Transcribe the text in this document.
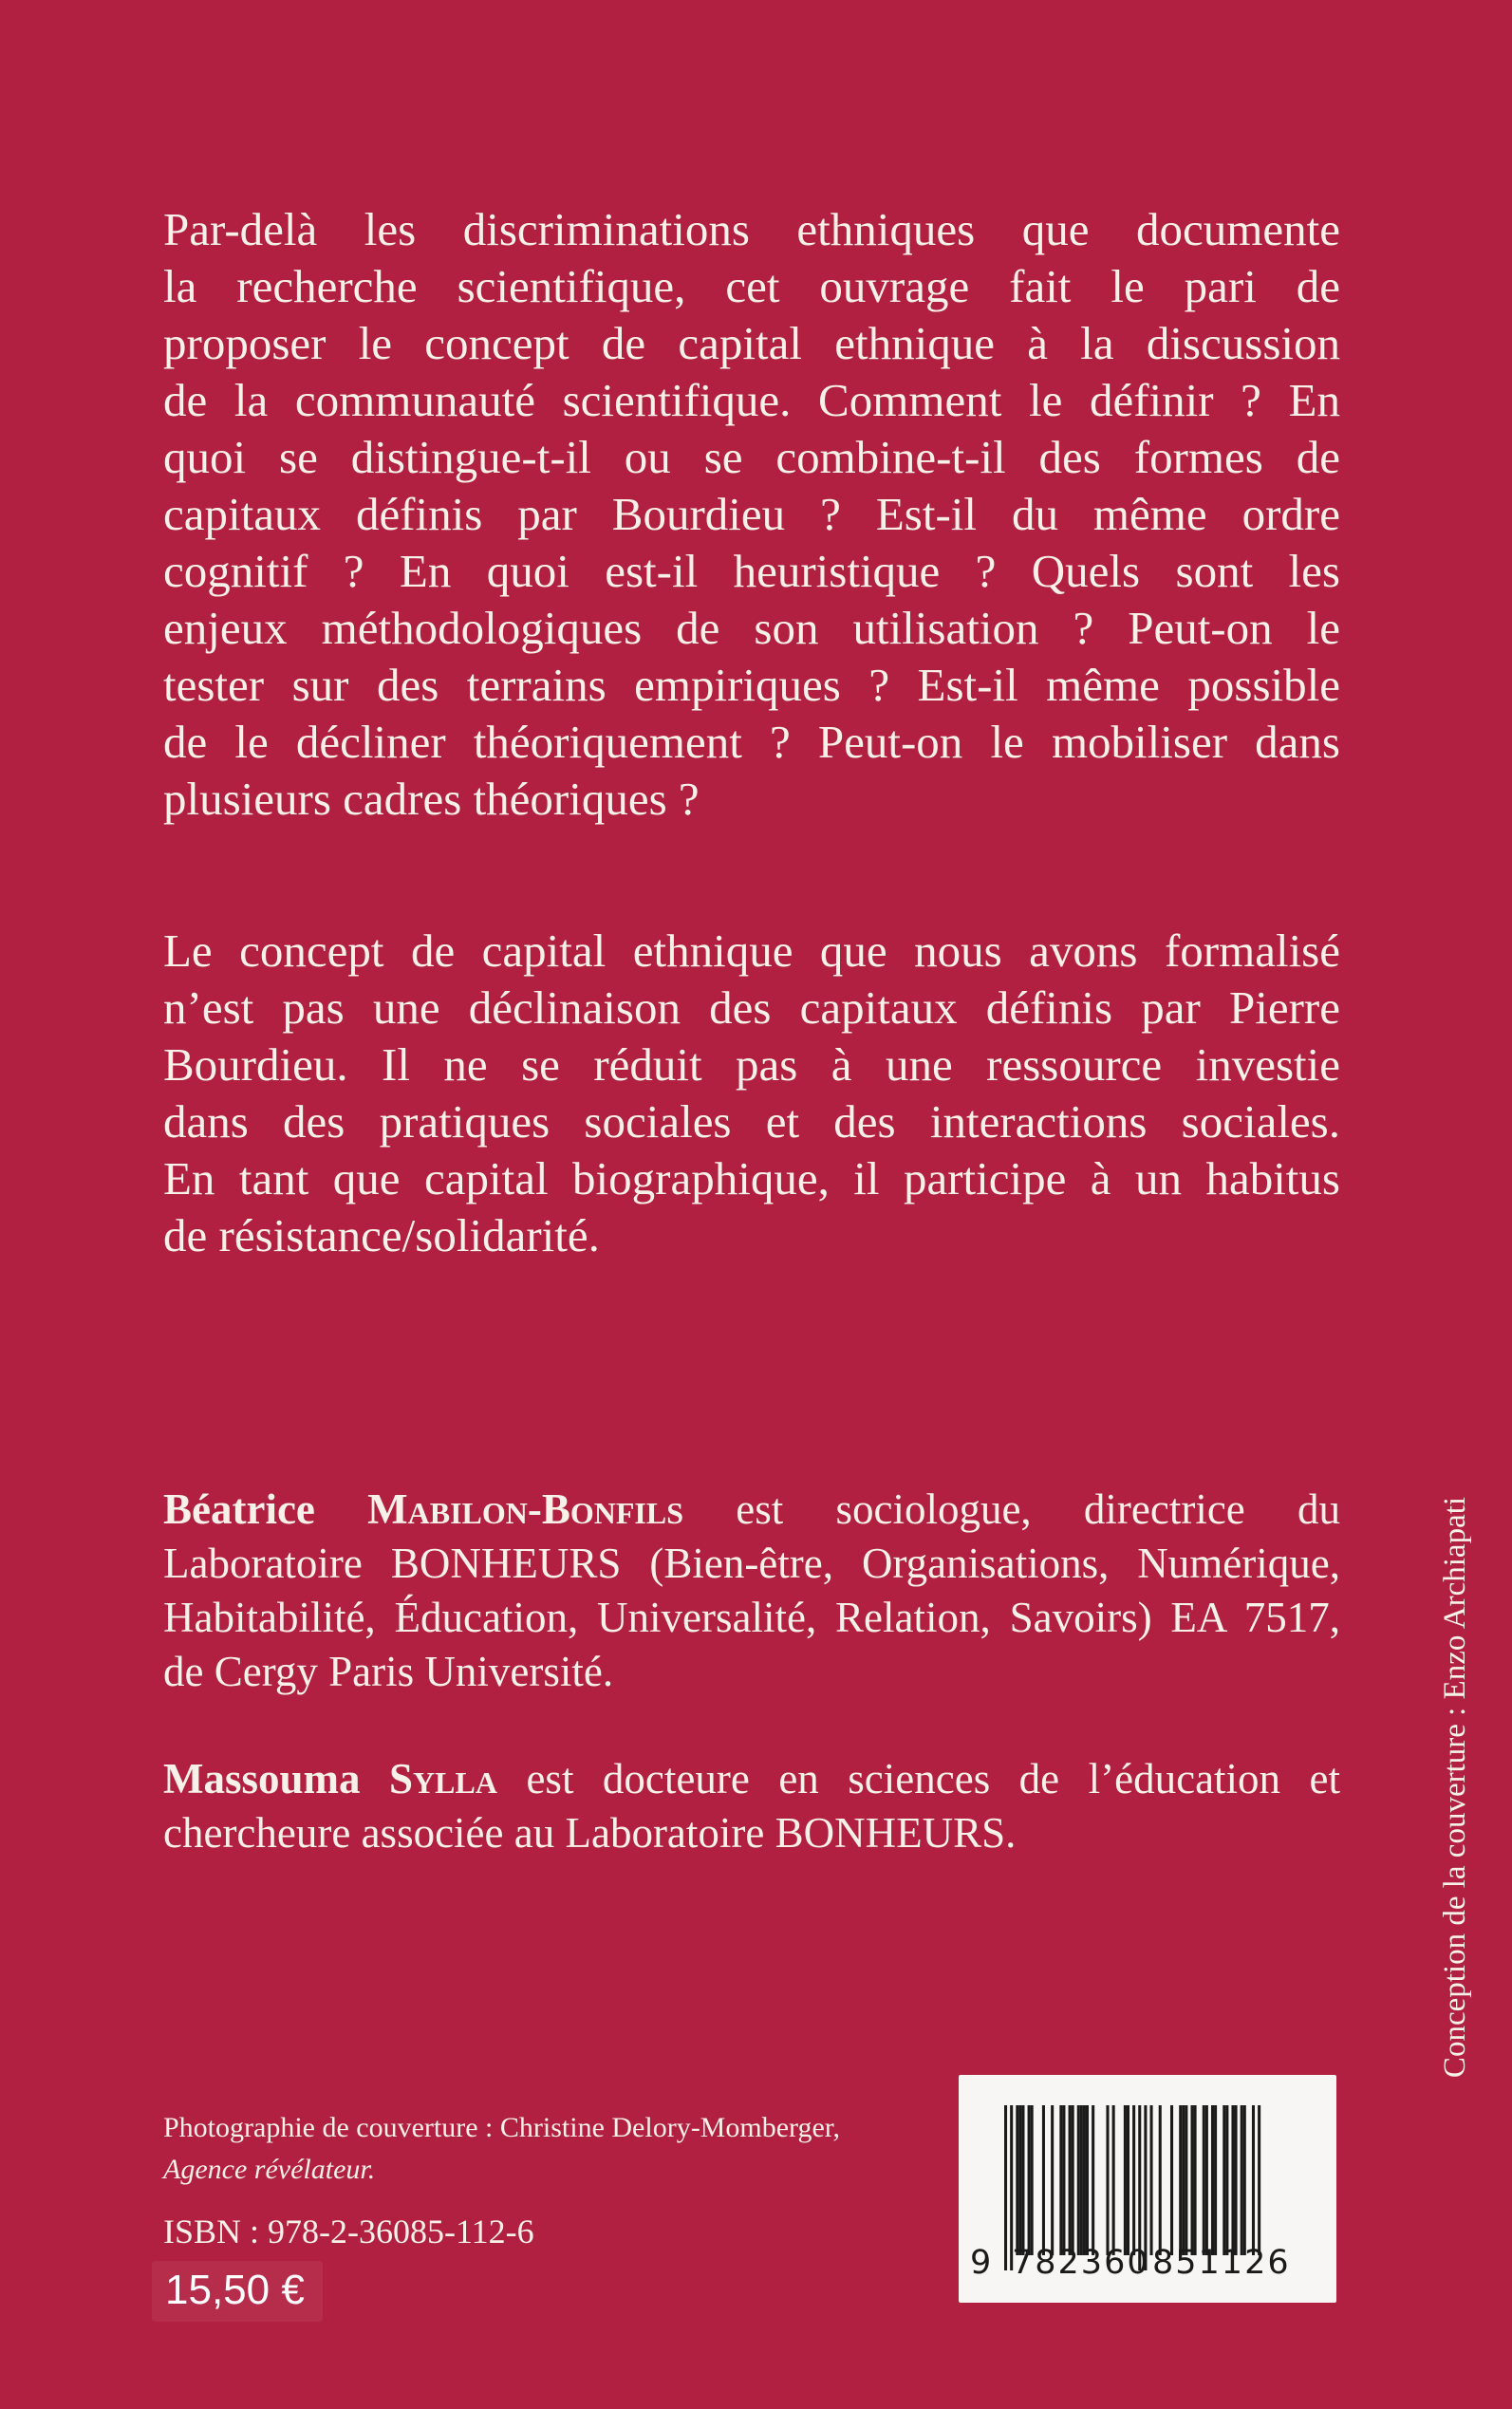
Par-delà les discriminations ethniques que documente
la recherche scientifique, cet ouvrage fait le pari de
proposer le concept de capital ethnique à la discussion
de la communauté scientifique. Comment le définir ? En
quoi se distingue-t-il ou se combine-t-il des formes de
capitaux définis par Bourdieu ? Est-il du même ordre
cognitif ? En quoi est-il heuristique ? Quels sont les
enjeux méthodologiques de son utilisation ? Peut-on le
tester sur des terrains empiriques ? Est-il même possible
de le décliner théoriquement ? Peut-on le mobiliser dans
plusieurs cadres théoriques ?
Le concept de capital ethnique que nous avons formalisé
n’est pas une déclinaison des capitaux définis par Pierre
Bourdieu. Il ne se réduit pas à une ressource investie
dans des pratiques sociales et des interactions sociales.
En tant que capital biographique, il participe à un habitus
de résistance/solidarité.
Béatrice Mabilon-Bonfils est sociologue, directrice du
Laboratoire BONHEURS (Bien-être, Organisations, Numérique,
Habitabilité, Éducation, Universalité, Relation, Savoirs) EA 7517,
de Cergy Paris Université.
Massouma Sylla est docteure en sciences de l’éducation et
chercheure associée au Laboratoire BONHEURS.	Conception de la couverture : Enzo Archiapati
Photographie de couverture : Christine Delory-Momberger,
Agence révélateur.
ISBN : 978-2-36085-112-6
15,50 €
9 782360 851126
